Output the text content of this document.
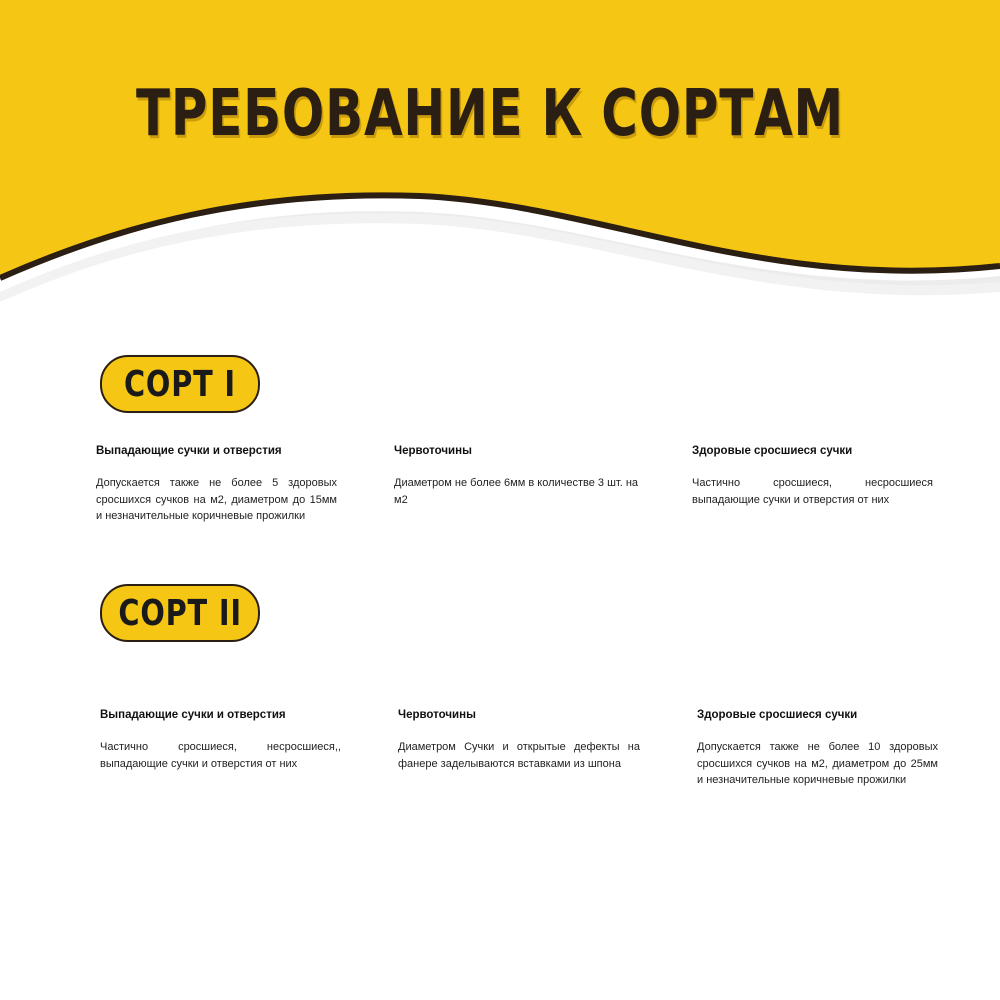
ТРЕБОВАНИЕ К СОРТАМ
СОРТ I

Выпадающие сучки и отверстия

Допускается также не более 5 здоровых сросшихся сучков на м2, диаметром до 15мм и незначительные коричневые прожилки

Червоточины

Диаметром не более 6мм в количестве 3 шт. на м2

Здоровые сросшиеся сучки

Частично сросшиеся, несросшиеся выпадающие сучки и отверстия от них

СОРТ II

Выпадающие сучки и отверстия

Частично сросшиеся, несросшиеся,, выпадающие сучки и отверстия от них

Червоточины

Диаметром Сучки и открытые дефекты на фанере заделываются вставками из шпона

Здоровые сросшиеся сучки

Допускается также не более 10 здоровых сросшихся сучков на м2, диаметром до 25мм и незначительные коричневые прожилки
